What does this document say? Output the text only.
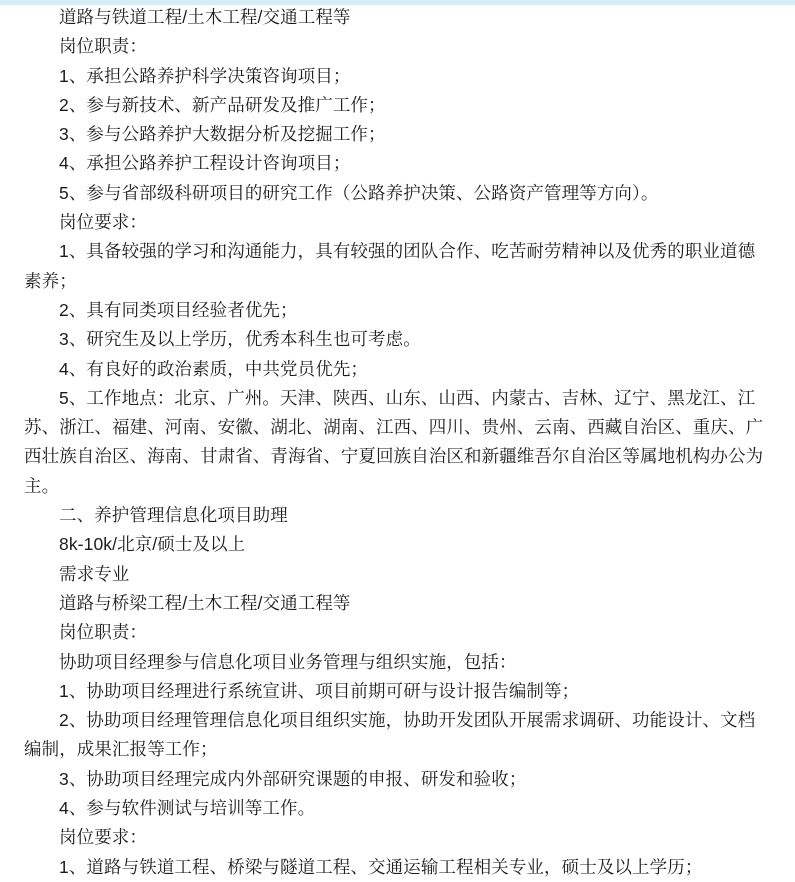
道路与铁道工程/土木工程/交通工程等

岗位职责：

1、承担公路养护科学决策咨询项目；

2、参与新技术、新产品研发及推广工作；

3、参与公路养护大数据分析及挖掘工作；

4、承担公路养护工程设计咨询项目；

5、参与省部级科研项目的研究工作（公路养护决策、公路资产管理等方向）。

岗位要求：

1、具备较强的学习和沟通能力，具有较强的团队合作、吃苦耐劳精神以及优秀的职业道德素养；

2、具有同类项目经验者优先；

3、研究生及以上学历，优秀本科生也可考虑。

4、有良好的政治素质，中共党员优先；

5、工作地点：北京、广州。天津、陕西、山东、山西、内蒙古、吉林、辽宁、黑龙江、江苏、浙江、福建、河南、安徽、湖北、湖南、江西、四川、贵州、云南、西藏自治区、重庆、广西壮族自治区、海南、甘肃省、青海省、宁夏回族自治区和新疆维吾尔自治区等属地机构办公为主。

二、养护管理信息化项目助理

8k-10k/北京/硕士及以上

需求专业

道路与桥梁工程/土木工程/交通工程等

岗位职责：

协助项目经理参与信息化项目业务管理与组织实施，包括：

1、协助项目经理进行系统宣讲、项目前期可研与设计报告编制等；

2、协助项目经理管理信息化项目组织实施，协助开发团队开展需求调研、功能设计、文档编制，成果汇报等工作；

3、协助项目经理完成内外部研究课题的申报、研发和验收；

4、参与软件测试与培训等工作。

岗位要求：

1、道路与铁道工程、桥梁与隧道工程、交通运输工程相关专业，硕士及以上学历；
